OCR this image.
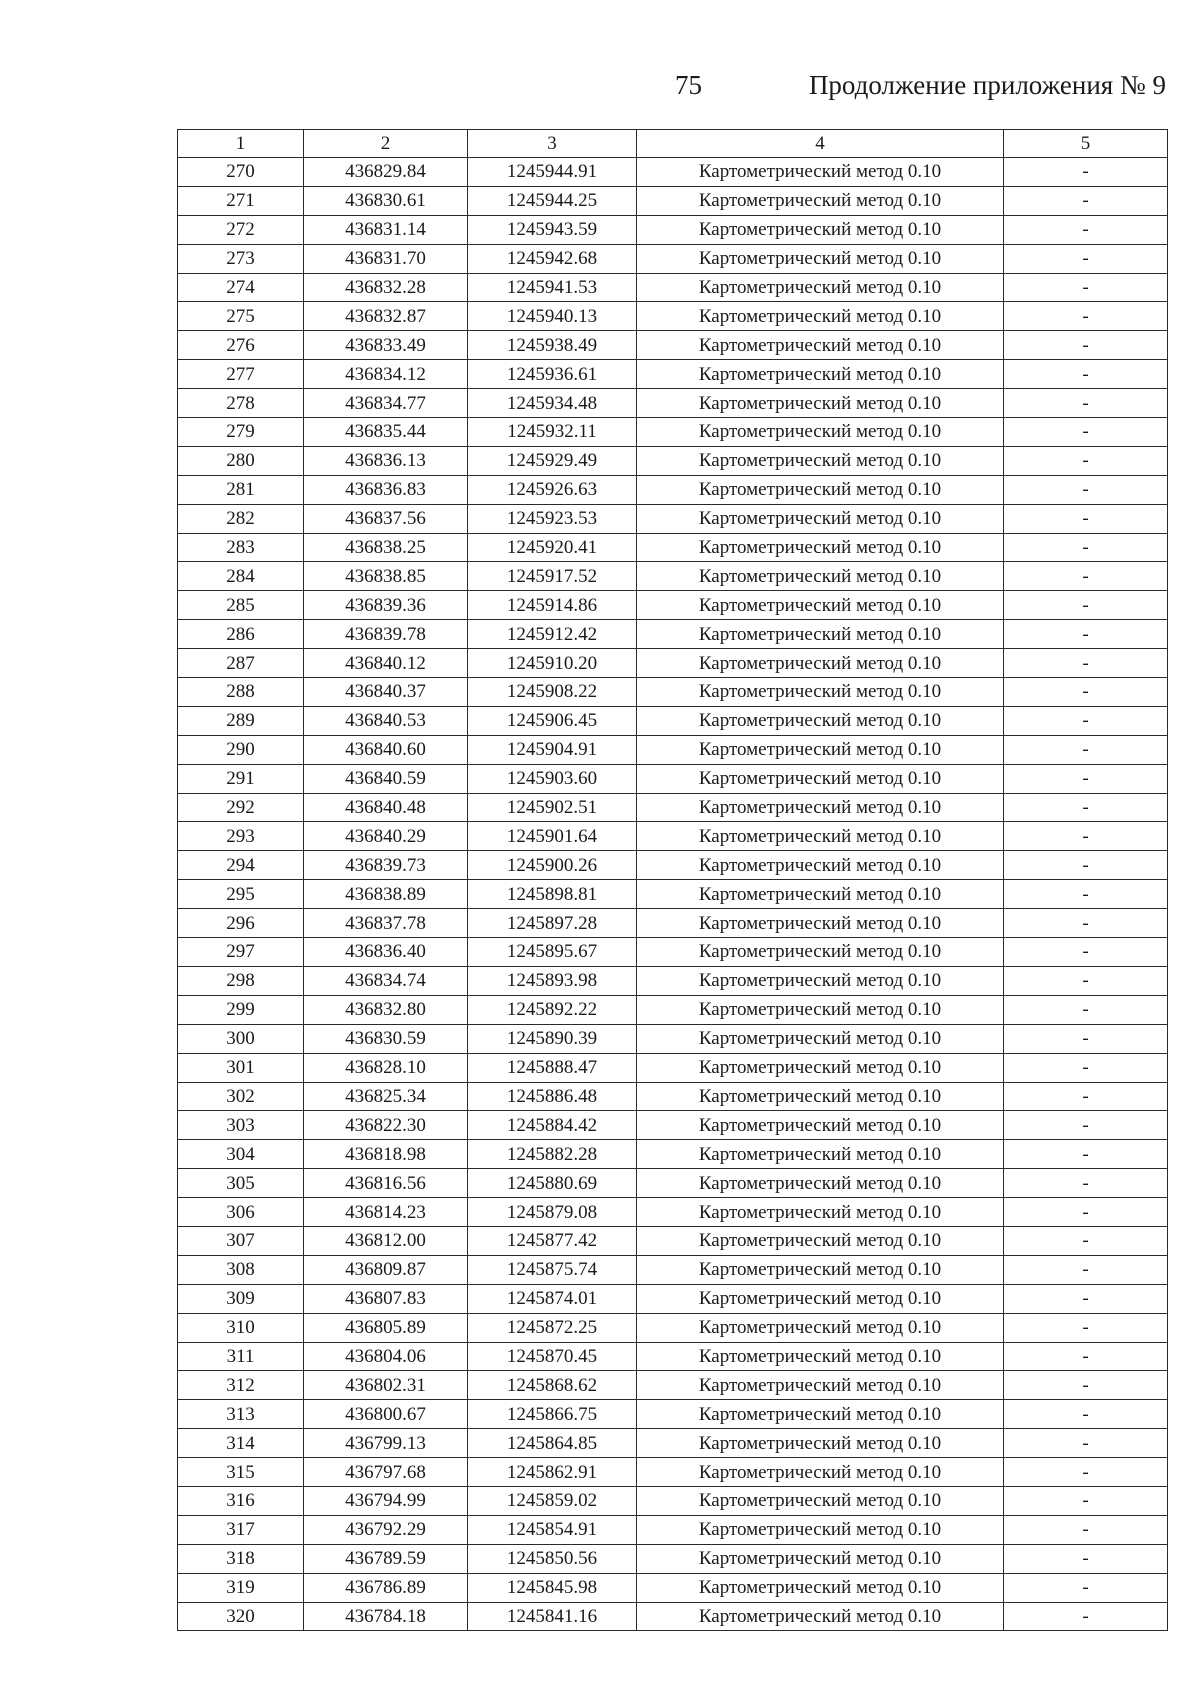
75	Продолжение приложения № 9
1	2	3	4	5
270	436829.84	1245944.91	Картометрический метод 0.10	-
271	436830.61	1245944.25	Картометрический метод 0.10	-
272	436831.14	1245943.59	Картометрический метод 0.10	-
273	436831.70	1245942.68	Картометрический метод 0.10	-
274	436832.28	1245941.53	Картометрический метод 0.10	-
275	436832.87	1245940.13	Картометрический метод 0.10	-
276	436833.49	1245938.49	Картометрический метод 0.10	-
277	436834.12	1245936.61	Картометрический метод 0.10	-
278	436834.77	1245934.48	Картометрический метод 0.10	-
279	436835.44	1245932.11	Картометрический метод 0.10	-
280	436836.13	1245929.49	Картометрический метод 0.10	-
281	436836.83	1245926.63	Картометрический метод 0.10	-
282	436837.56	1245923.53	Картометрический метод 0.10	-
283	436838.25	1245920.41	Картометрический метод 0.10	-
284	436838.85	1245917.52	Картометрический метод 0.10	-
285	436839.36	1245914.86	Картометрический метод 0.10	-
286	436839.78	1245912.42	Картометрический метод 0.10	-
287	436840.12	1245910.20	Картометрический метод 0.10	-
288	436840.37	1245908.22	Картометрический метод 0.10	-
289	436840.53	1245906.45	Картометрический метод 0.10	-
290	436840.60	1245904.91	Картометрический метод 0.10	-
291	436840.59	1245903.60	Картометрический метод 0.10	-
292	436840.48	1245902.51	Картометрический метод 0.10	-
293	436840.29	1245901.64	Картометрический метод 0.10	-
294	436839.73	1245900.26	Картометрический метод 0.10	-
295	436838.89	1245898.81	Картометрический метод 0.10	-
296	436837.78	1245897.28	Картометрический метод 0.10	-
297	436836.40	1245895.67	Картометрический метод 0.10	-
298	436834.74	1245893.98	Картометрический метод 0.10	-
299	436832.80	1245892.22	Картометрический метод 0.10	-
300	436830.59	1245890.39	Картометрический метод 0.10	-
301	436828.10	1245888.47	Картометрический метод 0.10	-
302	436825.34	1245886.48	Картометрический метод 0.10	-
303	436822.30	1245884.42	Картометрический метод 0.10	-
304	436818.98	1245882.28	Картометрический метод 0.10	-
305	436816.56	1245880.69	Картометрический метод 0.10	-
306	436814.23	1245879.08	Картометрический метод 0.10	-
307	436812.00	1245877.42	Картометрический метод 0.10	-
308	436809.87	1245875.74	Картометрический метод 0.10	-
309	436807.83	1245874.01	Картометрический метод 0.10	-
310	436805.89	1245872.25	Картометрический метод 0.10	-
311	436804.06	1245870.45	Картометрический метод 0.10	-
312	436802.31	1245868.62	Картометрический метод 0.10	-
313	436800.67	1245866.75	Картометрический метод 0.10	-
314	436799.13	1245864.85	Картометрический метод 0.10	-
315	436797.68	1245862.91	Картометрический метод 0.10	-
316	436794.99	1245859.02	Картометрический метод 0.10	-
317	436792.29	1245854.91	Картометрический метод 0.10	-
318	436789.59	1245850.56	Картометрический метод 0.10	-
319	436786.89	1245845.98	Картометрический метод 0.10	-
320	436784.18	1245841.16	Картометрический метод 0.10	-
